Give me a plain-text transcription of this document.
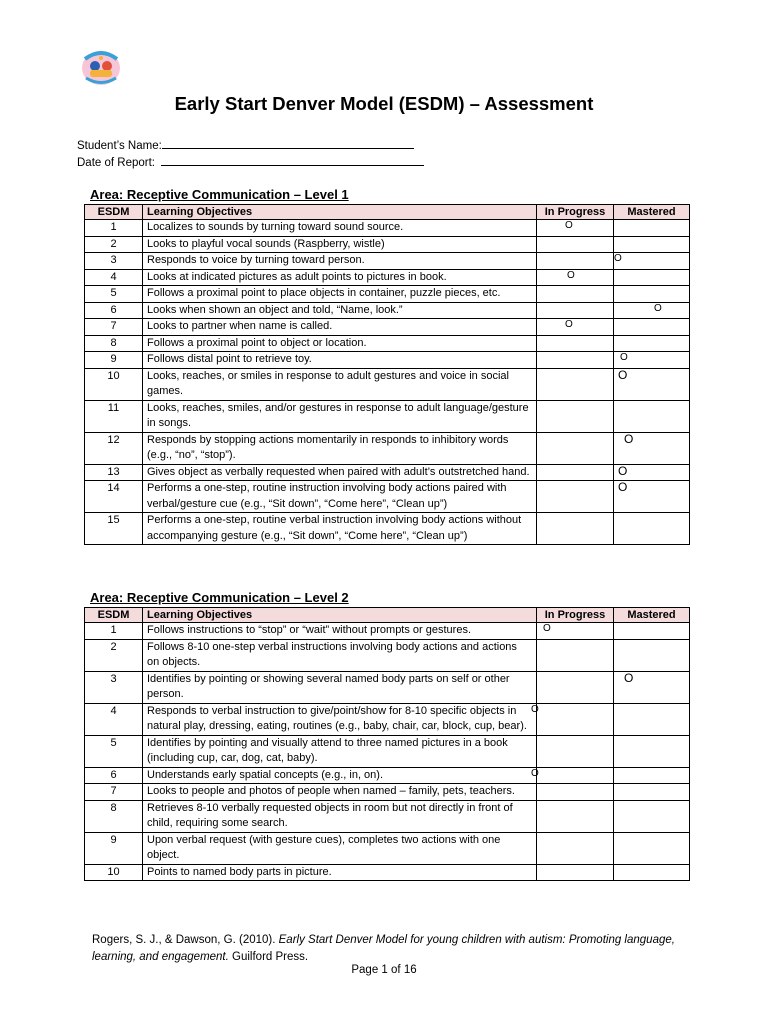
Early Start Denver Model (ESDM) – Assessment
Student’s Name:
Date of Report:
Area: Receptive Communication – Level 1
ESDM	Learning Objectives	In Progress	Mastered
1	Localizes to sounds by turning toward sound source.	O	

2	Looks to playful vocal sounds (Raspberry, wistle)		
3	Responds to voice by turning toward person.		O

4	Looks at indicated pictures as adult points to pictures in book.	O	

5	Follows a proximal point to place objects in container, puzzle pieces, etc.		
6	Looks when shown an object and told, “Name, look.”		O

7	Looks to partner when name is called.	O	

8	Follows a proximal point to object or location.		
9	Follows distal point to retrieve toy.		O

10	Looks, reaches, or smiles in response to adult gestures and voice in social games.		O

11	Looks, reaches, smiles, and/or gestures in response to adult language/gesture in songs.		
12	Responds by stopping actions momentarily in responds to inhibitory words (e.g., “no”, “stop”).		O

13	Gives object as verbally requested when paired with adult’s outstretched hand.		O

14	Performs a one-step, routine instruction involving body actions paired with verbal/gesture cue (e.g., “Sit down”, “Come here”, “Clean up”)		O

15	Performs a one-step, routine verbal instruction involving body actions without accompanying gesture (e.g., “Sit down”, “Come here”, “Clean up”)		
Area: Receptive Communication – Level 2
ESDM	Learning Objectives	In Progress	Mastered
1	Follows instructions to “stop” or “wait” without prompts or gestures.	O	

2	Follows 8-10 one-step verbal instructions involving body actions and actions on objects.		
3	Identifies by pointing or showing several named body parts on self or other person.		O

4	Responds to verbal instruction to give/point/show for 8-10 specific objects in natural play, dressing, eating, routines (e.g., baby, chair, car, block, cup, bear).	O	

5	Identifies by pointing and visually attend to three named pictures in a book (including cup, car, dog, cat, baby).		
6	Understands early spatial concepts (e.g., in, on).	O	

7	Looks to people and photos of people when named – family, pets, teachers.		
8	Retrieves 8-10 verbally requested objects in room but not directly in front of child, requiring some search.		
9	Upon verbal request (with gesture cues), completes two actions with one object.		
10	Points to named body parts in picture.		
Rogers, S. J., & Dawson, G. (2010). Early Start Denver Model for young children with autism: Promoting language, learning, and engagement. Guilford Press.
Page 1 of 16
